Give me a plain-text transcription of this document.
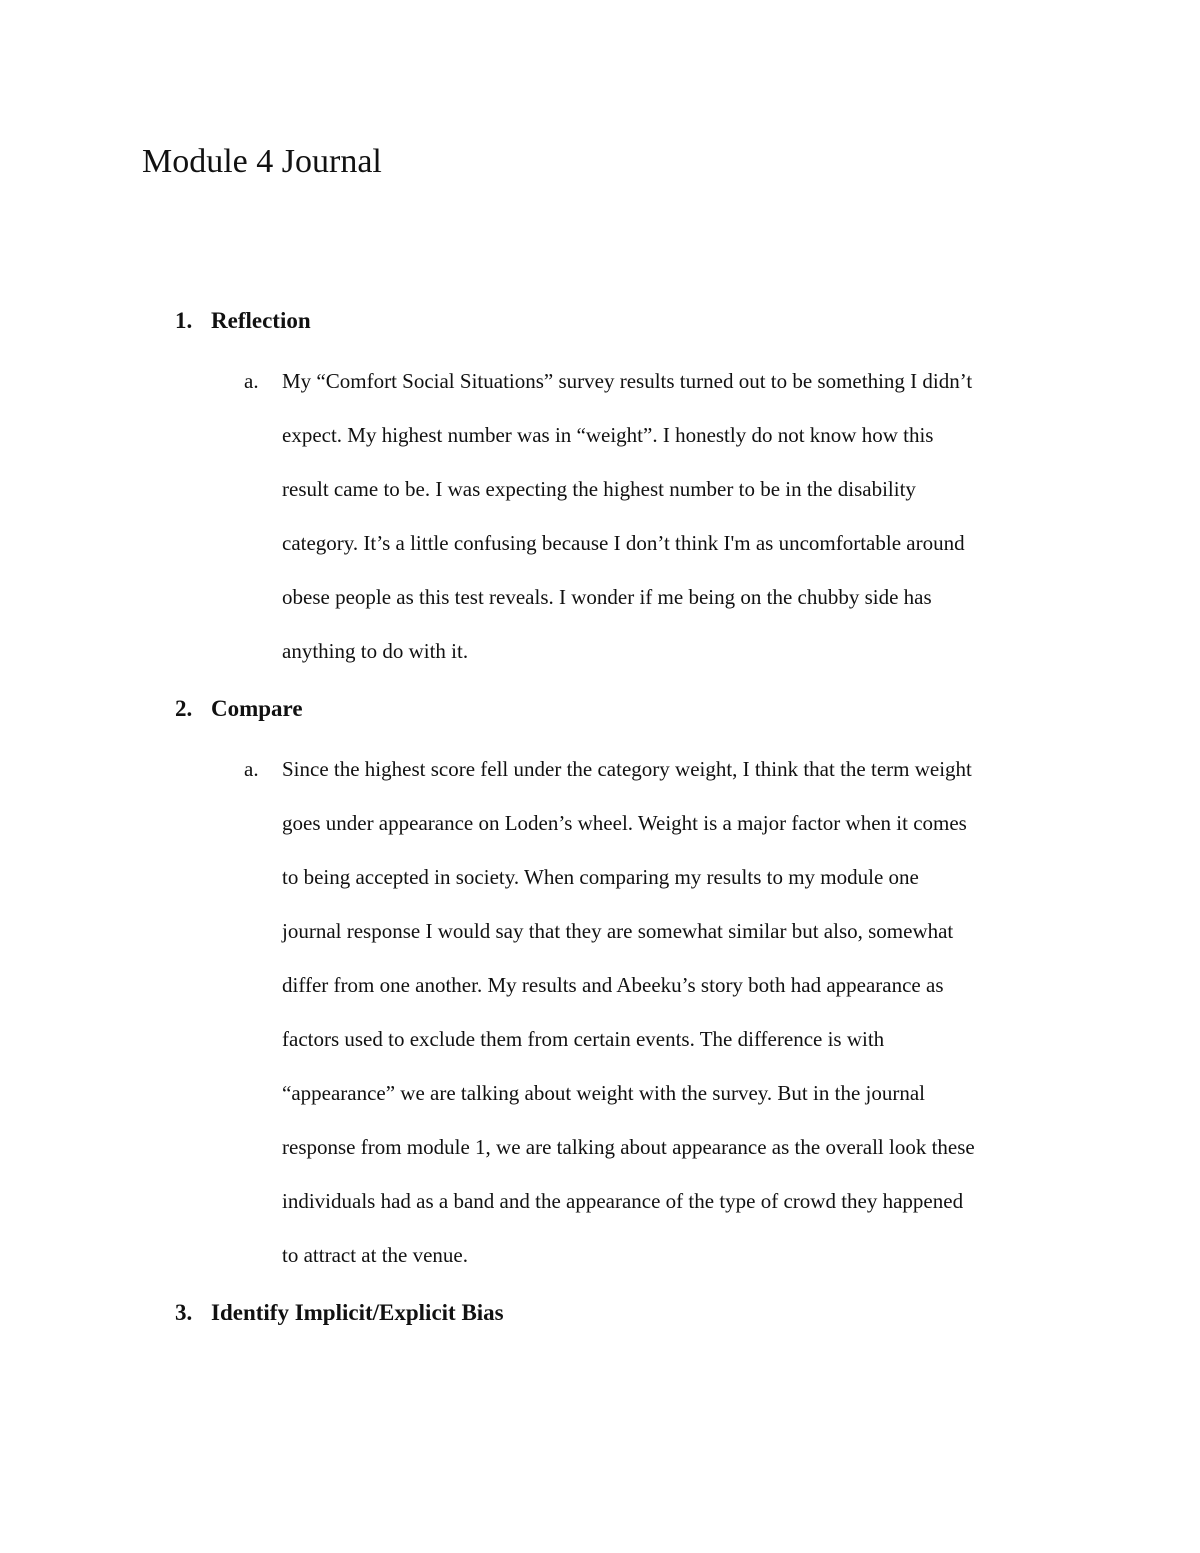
Module 4 Journal
1. Reflection
a. My “Comfort Social Situations” survey results turned out to be something I didn’t
expect. My highest number was in “weight”. I honestly do not know how this
result came to be. I was expecting the highest number to be in the disability
category. It’s a little confusing because I don’t think I'm as uncomfortable around
obese people as this test reveals. I wonder if me being on the chubby side has
anything to do with it.
2. Compare
a. Since the highest score fell under the category weight, I think that the term weight
goes under appearance on Loden’s wheel. Weight is a major factor when it comes
to being accepted in society. When comparing my results to my module one
journal response I would say that they are somewhat similar but also, somewhat
differ from one another. My results and Abeeku’s story both had appearance as
factors used to exclude them from certain events. The difference is with
“appearance” we are talking about weight with the survey. But in the journal
response from module 1, we are talking about appearance as the overall look these
individuals had as a band and the appearance of the type of crowd they happened
to attract at the venue.
3. Identify Implicit/Explicit Bias
